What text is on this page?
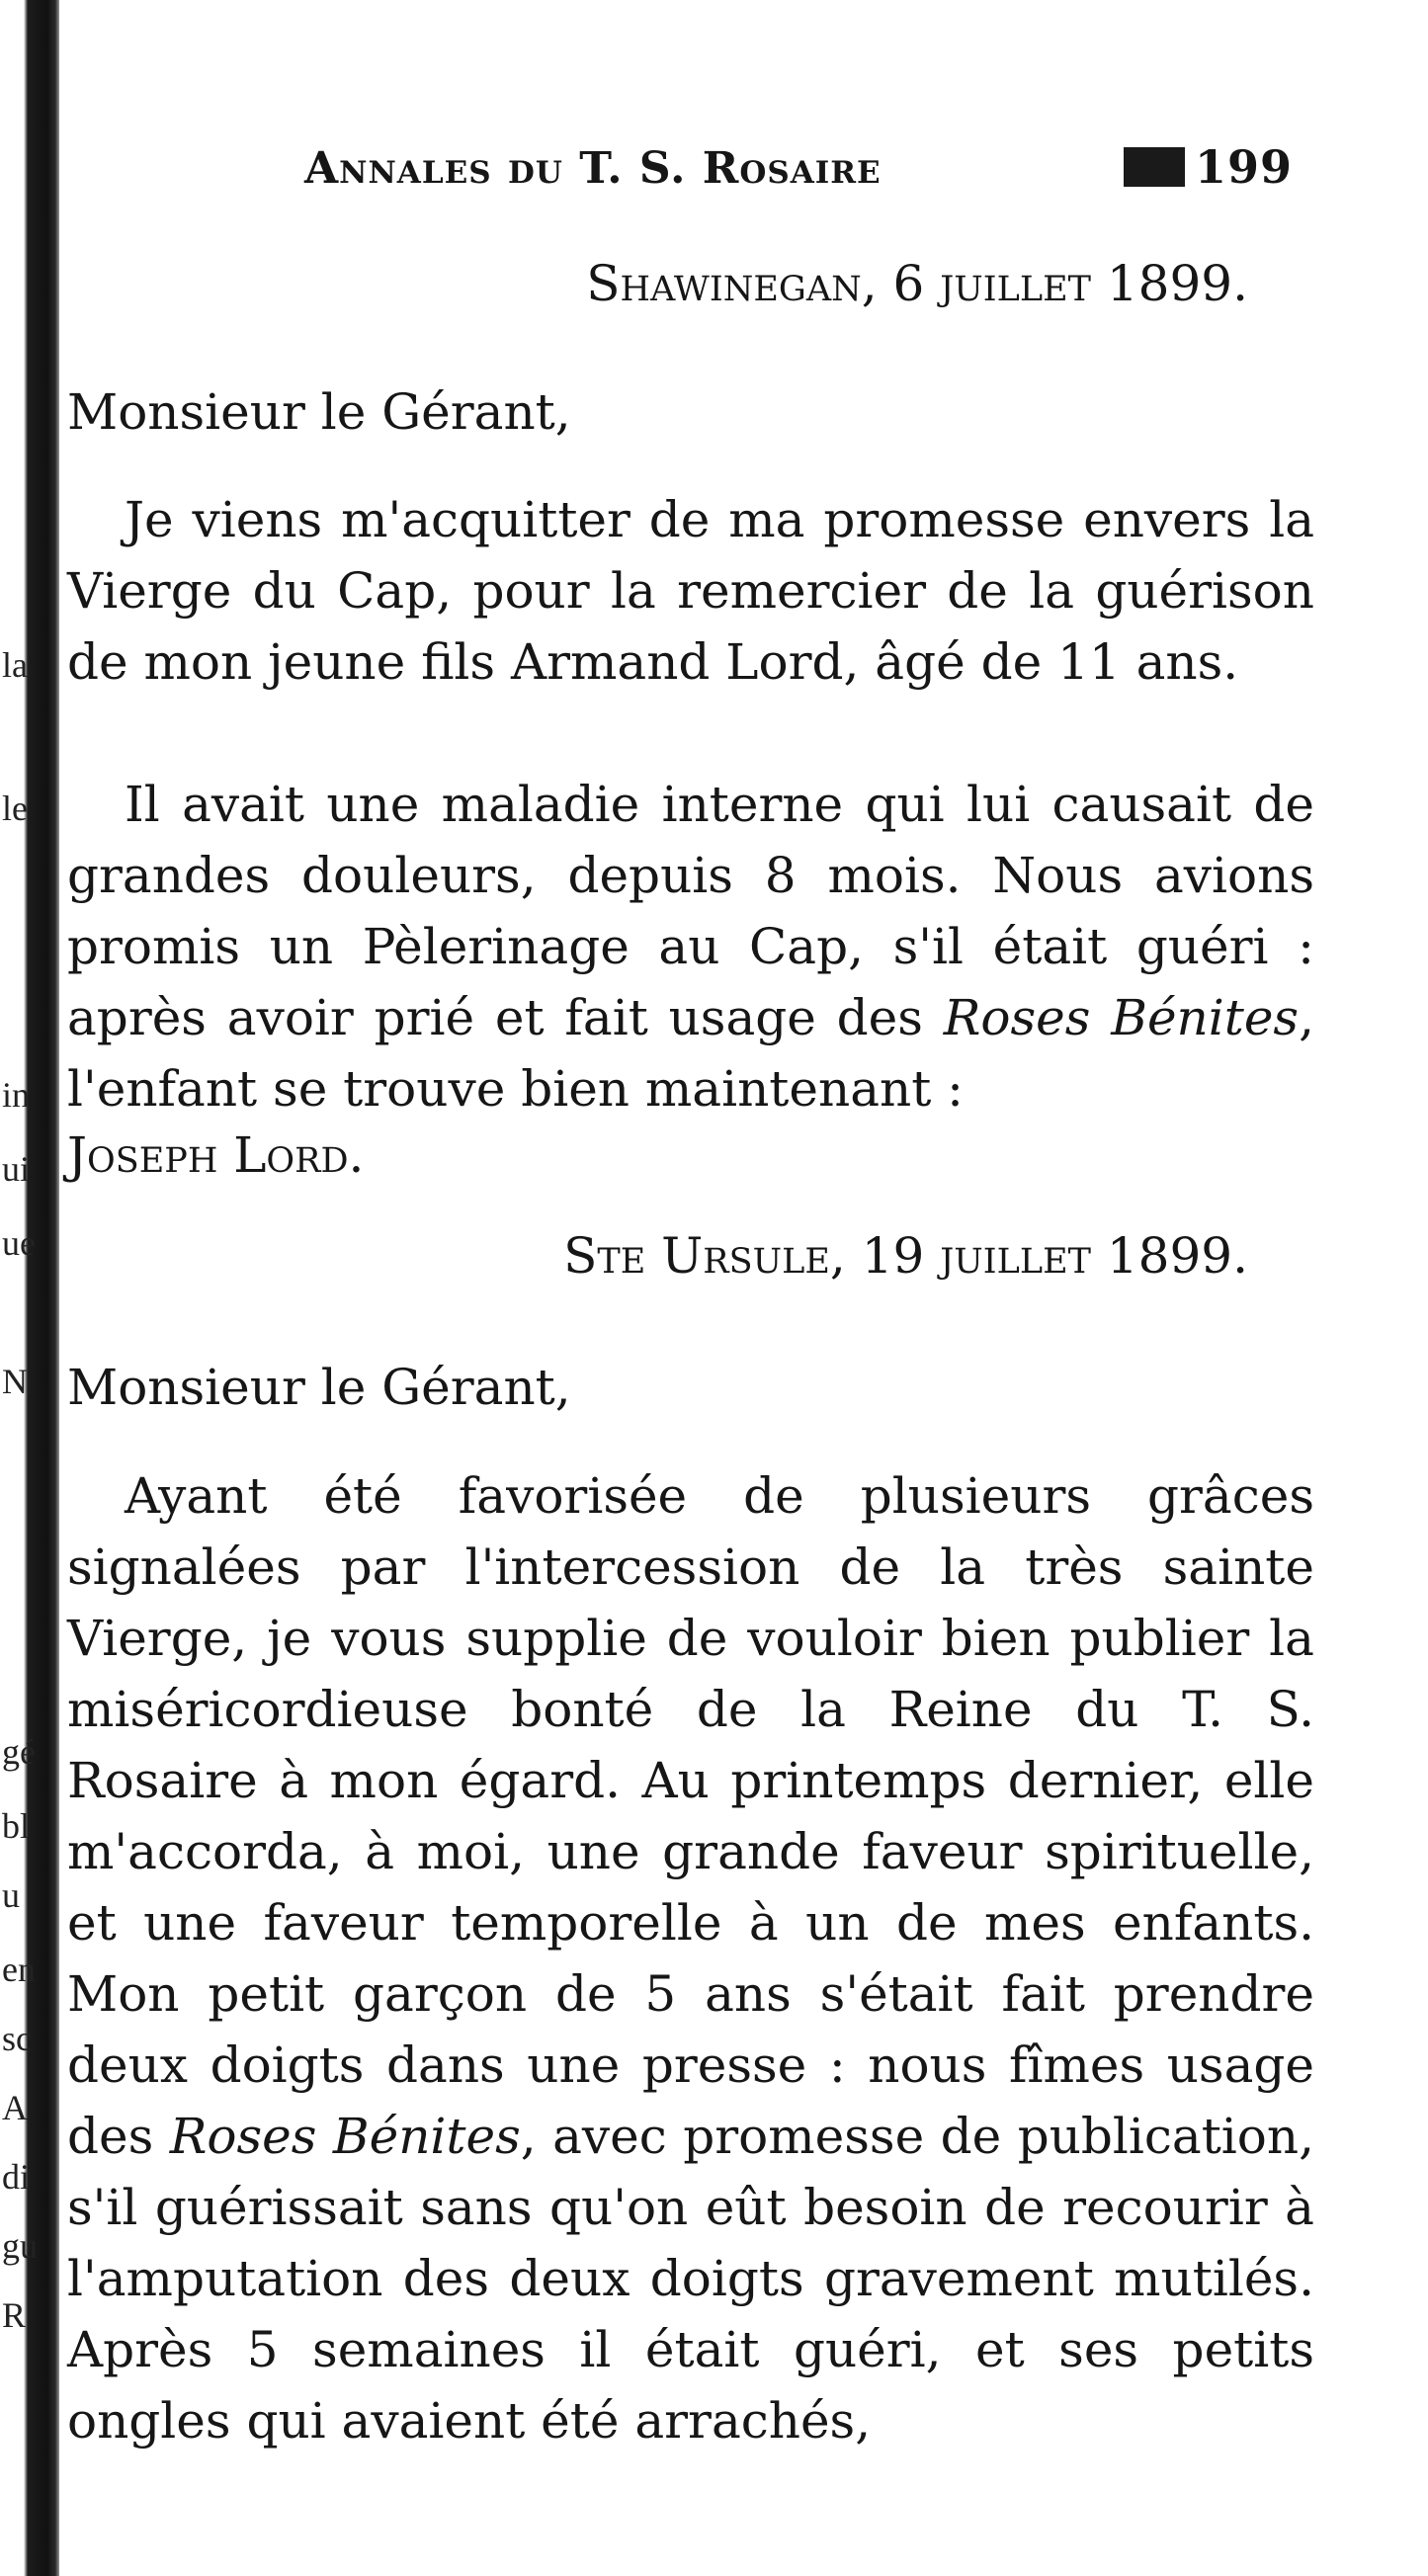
la
le
in
ui
ue
N
gé
bl
u
en
sc
A
di
gu
R
Annales du T. S. Rosaire	199
Shawinegan, 6 juillet 1899.
Monsieur le Gérant,

Je viens m'acquitter de ma promesse envers la Vierge du Cap, pour la remercier de la guérison de mon jeune fils Armand Lord, âgé de 11 ans.

Il avait une maladie interne qui lui causait de grandes douleurs, depuis 8 mois. Nous avions promis un Pèlerinage au Cap, s'il était guéri : après avoir prié et fait usage des Roses Bénites, l'enfant se trouve bien maintenant :

Joseph Lord.
Ste Ursule, 19 juillet 1899.
Monsieur le Gérant,

Ayant été favorisée de plusieurs grâces signalées par l'intercession de la très sainte Vierge, je vous supplie de vouloir bien publier la miséricordieuse bonté de la Reine du T. S. Rosaire à mon égard. Au printemps dernier, elle m'accorda, à moi, une grande faveur spirituelle, et une faveur temporelle à un de mes enfants. Mon petit garçon de 5 ans s'était fait prendre deux doigts dans une presse : nous fîmes usage des Roses Bénites, avec promesse de publication, s'il guérissait sans qu'on eût besoin de recourir à l'amputation des deux doigts gravement mutilés. Après 5 semaines il était guéri, et ses petits ongles qui avaient été arrachés,
